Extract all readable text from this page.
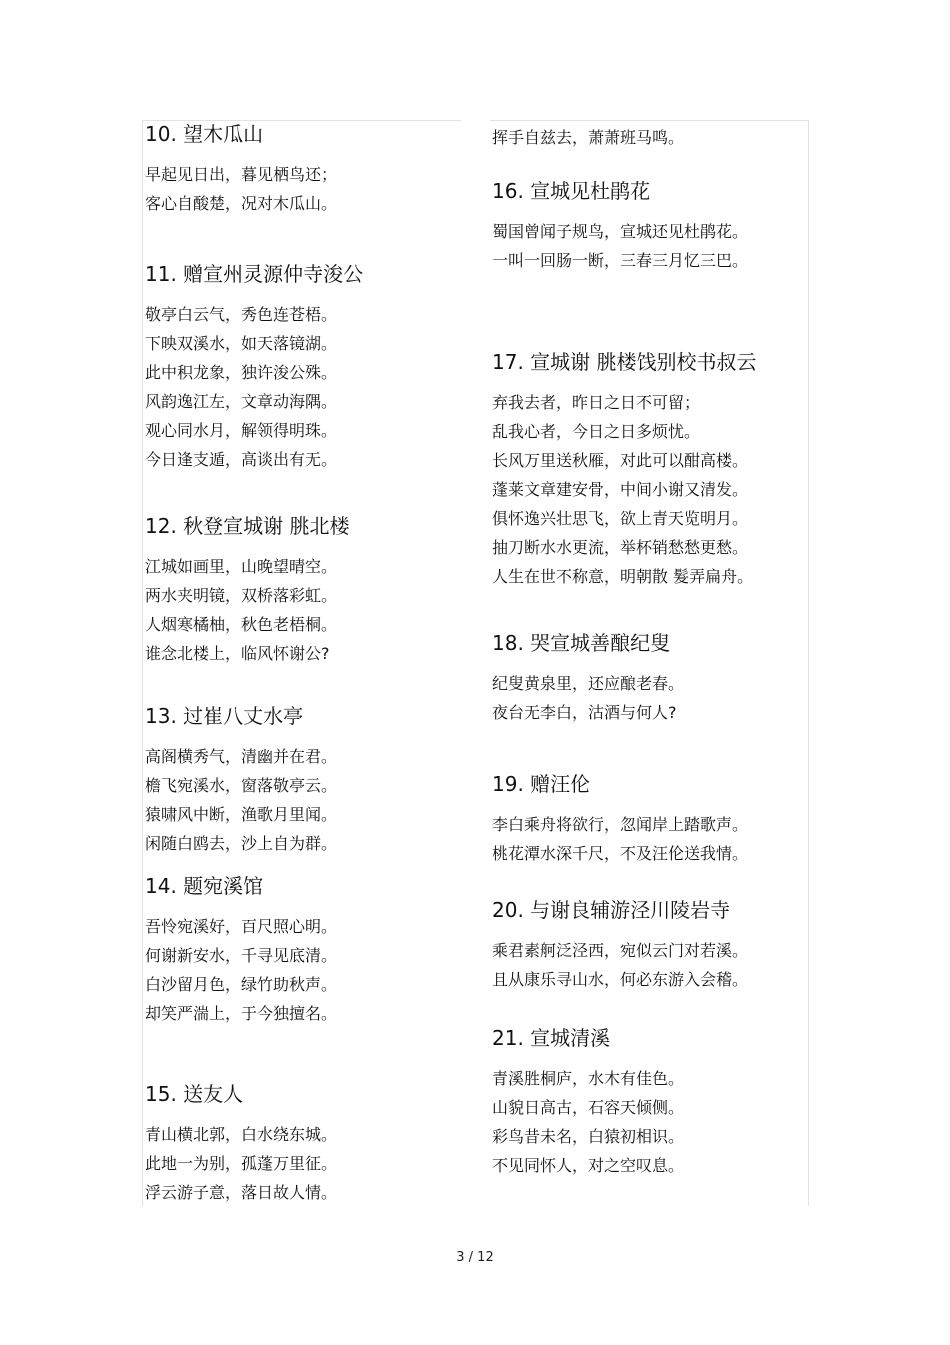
10. 望木瓜山
早起见日出，暮见栖鸟还；
客心自酸楚，况对木瓜山。
11. 赠宣州灵源仲寺浚公
敬亭白云气，秀色连苍梧。
下映双溪水，如天落镜湖。
此中积龙象，独许浚公殊。
风韵逸江左，文章动海隅。
观心同水月，解领得明珠。
今日逢支遁，高谈出有无。
12. 秋登宣城谢 朓北楼
江城如画里，山晚望晴空。
两水夹明镜，双桥落彩虹。
人烟寒橘柚，秋色老梧桐。
谁念北楼上，临风怀谢公?
13. 过崔八丈水亭
高阁横秀气，清幽并在君。
檐飞宛溪水，窗落敬亭云。
猿啸风中断，渔歌月里闻。
闲随白鸥去，沙上自为群。
14. 题宛溪馆
吾怜宛溪好，百尺照心明。
何谢新安水，千寻见底清。
白沙留月色，绿竹助秋声。
却笑严湍上，于今独擅名。
15. 送友人
青山横北郭，白水绕东城。
此地一为别，孤蓬万里征。
浮云游子意，落日故人情。
挥手自兹去，萧萧班马鸣。
16. 宣城见杜鹃花
蜀国曾闻子规鸟，宣城还见杜鹃花。
一叫一回肠一断，三春三月忆三巴。
17. 宣城谢 朓楼饯别校书叔云
弃我去者，昨日之日不可留；
乱我心者，今日之日多烦忧。
长风万里送秋雁，对此可以酣高楼。
蓬莱文章建安骨，中间小谢又清发。
俱怀逸兴壮思飞，欲上青天览明月。
抽刀断水水更流，举杯销愁愁更愁。
人生在世不称意，明朝散 髮弄扁舟。
18. 哭宣城善酿纪叟
纪叟黄泉里，还应酿老春。
夜台无李白，沽酒与何人?
19. 赠汪伦
李白乘舟将欲行，忽闻岸上踏歌声。
桃花潭水深千尺，不及汪伦送我情。
20. 与谢良辅游泾川陵岩寺
乘君素舸泛泾西，宛似云门对若溪。
且从康乐寻山水，何必东游入会稽。
21. 宣城清溪
青溪胜桐庐，水木有佳色。
山貌日高古，石容天倾侧。
彩鸟昔未名，白猿初相识。
不见同怀人，对之空叹息。
3 / 12
